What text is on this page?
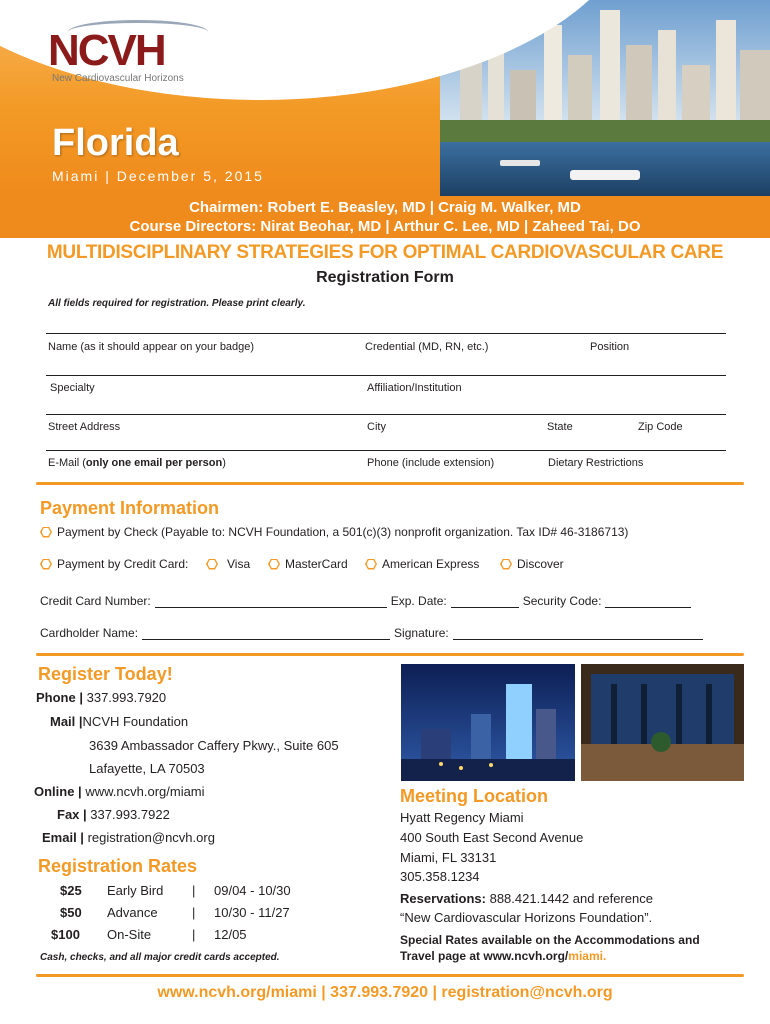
NCVH
New Cardiovascular Horizons
Florida
Miami | December 5, 2015
Chairmen: Robert E. Beasley, MD | Craig M. Walker, MD
Course Directors: Nirat Beohar, MD | Arthur C. Lee, MD | Zaheed Tai, DO
MULTIDISCIPLINARY STRATEGIES FOR OPTIMAL CARDIOVASCULAR CARE
Registration Form
All fields required for registration. Please print clearly.
Name (as it should appear on your badge)	Credential (MD, RN, etc.)	Position
Specialty	Affiliation/Institution
Street Address	City	State	Zip Code
E-Mail (only one email per person)	Phone (include extension)	Dietary Restrictions
Payment Information
Payment by Check (Payable to: NCVH Foundation, a 501(c)(3) nonprofit organization. Tax ID# 46-3186713)
Payment by Credit Card:	Visa	MasterCard	American Express	Discover
Credit Card Number:	Exp. Date:	Security Code:
Cardholder Name:	Signature:
Register Today!
Phone | 337.993.7920
Mail |NCVH Foundation
3639 Ambassador Caffery Pkwy., Suite 605
Lafayette, LA 70503
Online | www.ncvh.org/miami
Fax | 337.993.7922
Email | registration@ncvh.org
Registration Rates
$25 Early Bird | 09/04 - 10/30
$50 Advance	| 10/30 - 11/27
$100 On-Site	| 12/05
Cash, checks, and all major credit cards accepted.
Meeting Location
Hyatt Regency Miami
400 South East Second Avenue
Miami, FL 33131
305.358.1234
Reservations: 888.421.1442 and reference
“New Cardiovascular Horizons Foundation”.
Special Rates available on the Accommodations and
Travel page at www.ncvh.org/miami.
www.ncvh.org/miami | 337.993.7920 | registration@ncvh.org
